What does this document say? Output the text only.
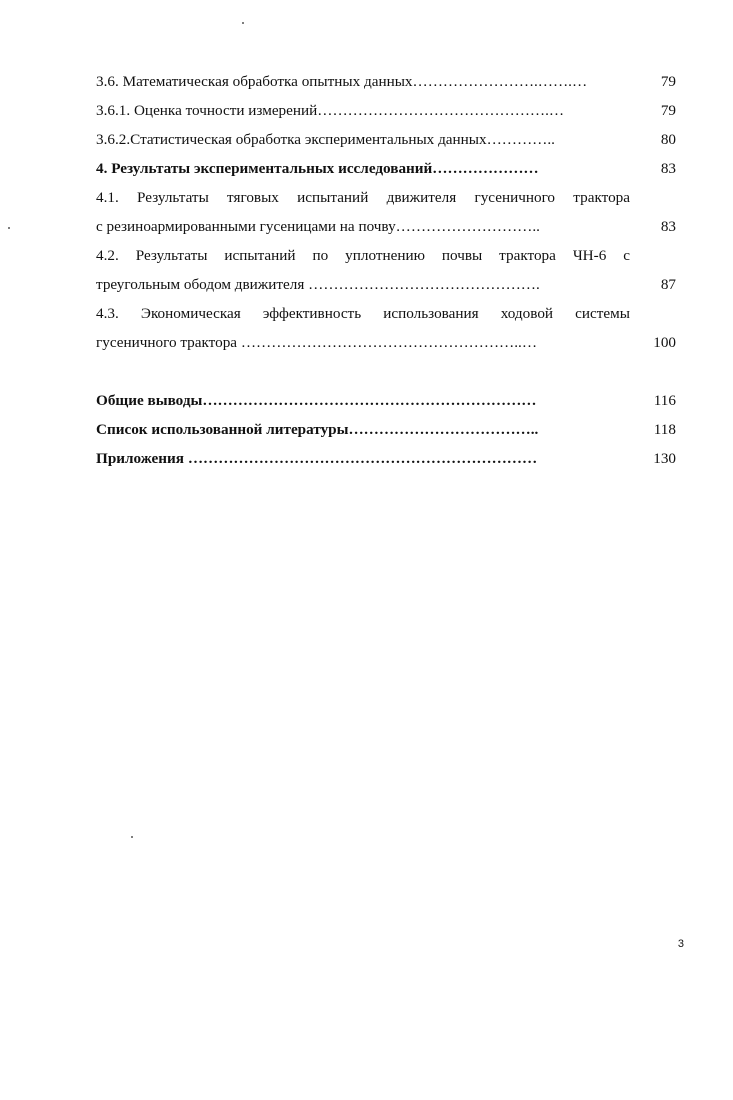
3.6. Математическая обработка опытных данных…………………….…….…	79
3.6.1. Оценка точности измерений……………………………………….…	79
3.6.2.Статистическая обработка экспериментальных данных…………..	80
4. Результаты экспериментальных исследований…………………	83
4.1. Результаты тяговых испытаний движителя гусеничного трактора
с резиноармированными гусеницами на почву………………………..	83
4.2. Результаты испытаний по уплотнению почвы трактора ЧН-6 с
треугольным ободом движителя ……………………………………….	87
4.3. Экономическая эффективность использования ходовой системы
гусеничного трактора ………………………………………………..…	100
Общие выводы…………………………………………………………	116
Список использованной литературы………………………………..	118
Приложения ……………………………………………………………	130
3
